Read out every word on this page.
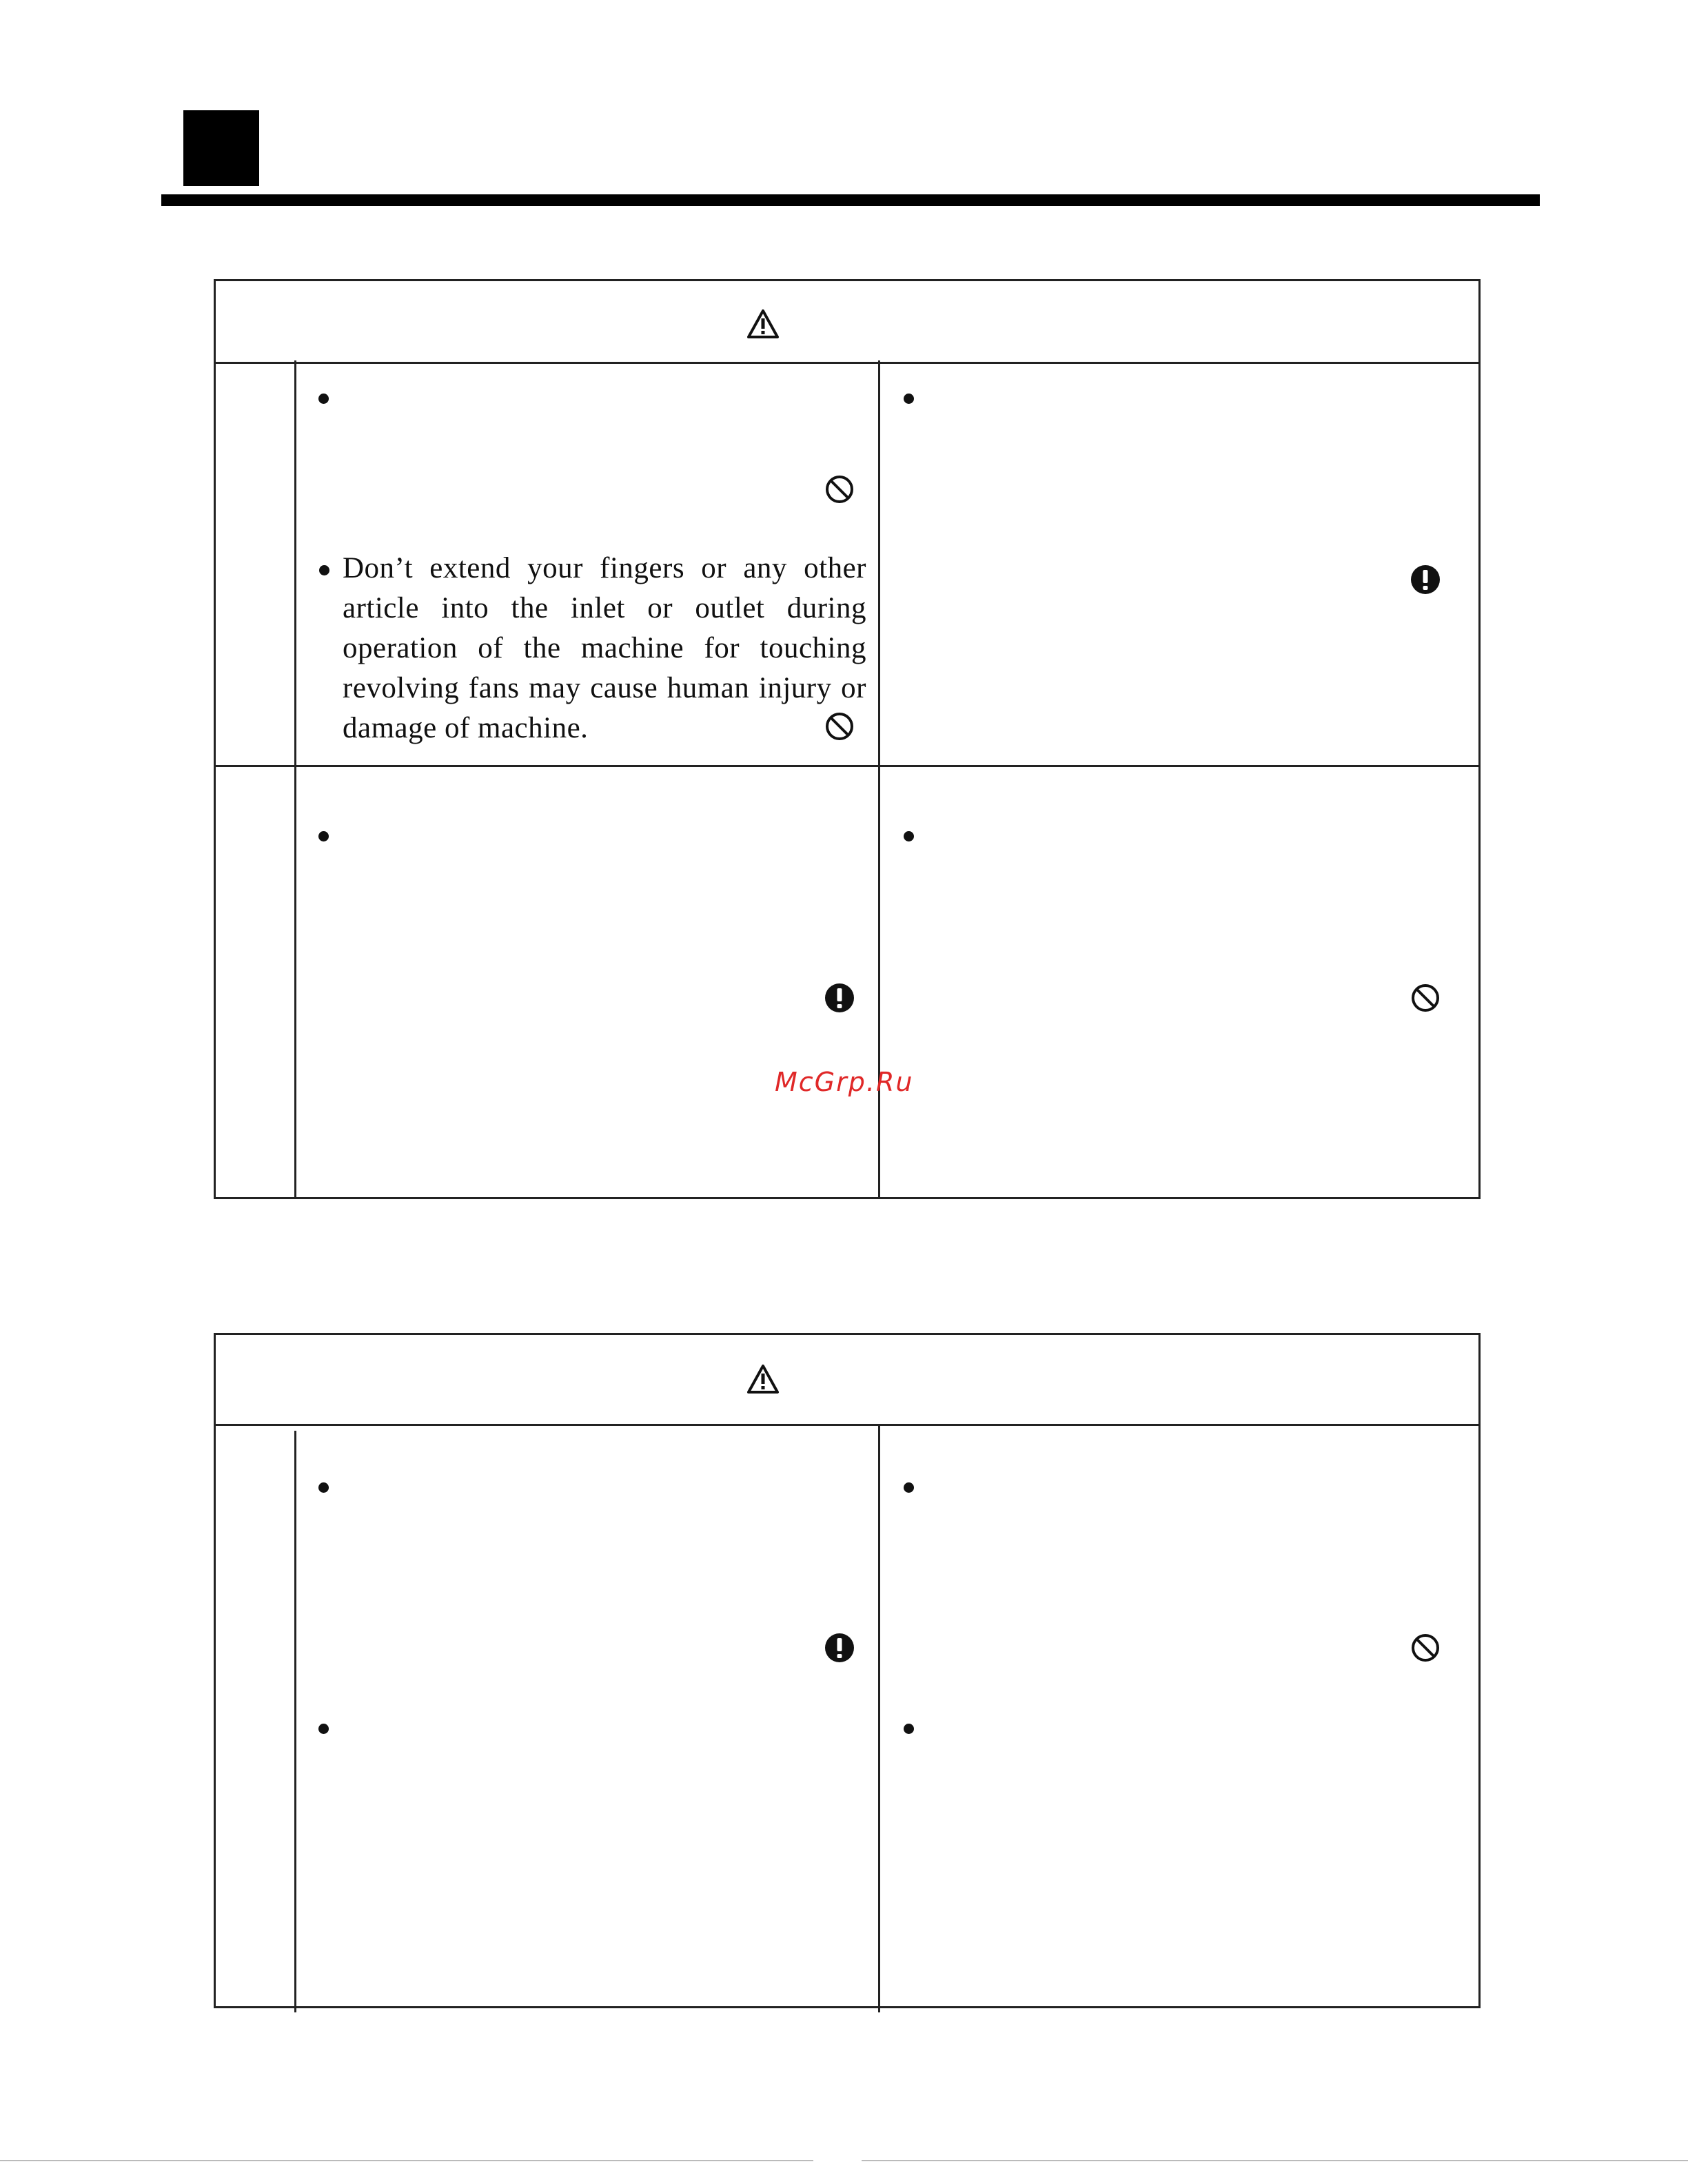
Don’t extend your fingers or any other article into the inlet or outlet during operation of the machine for touching revolving fans may cause human injury or damage of machine.
McGrp.Ru
